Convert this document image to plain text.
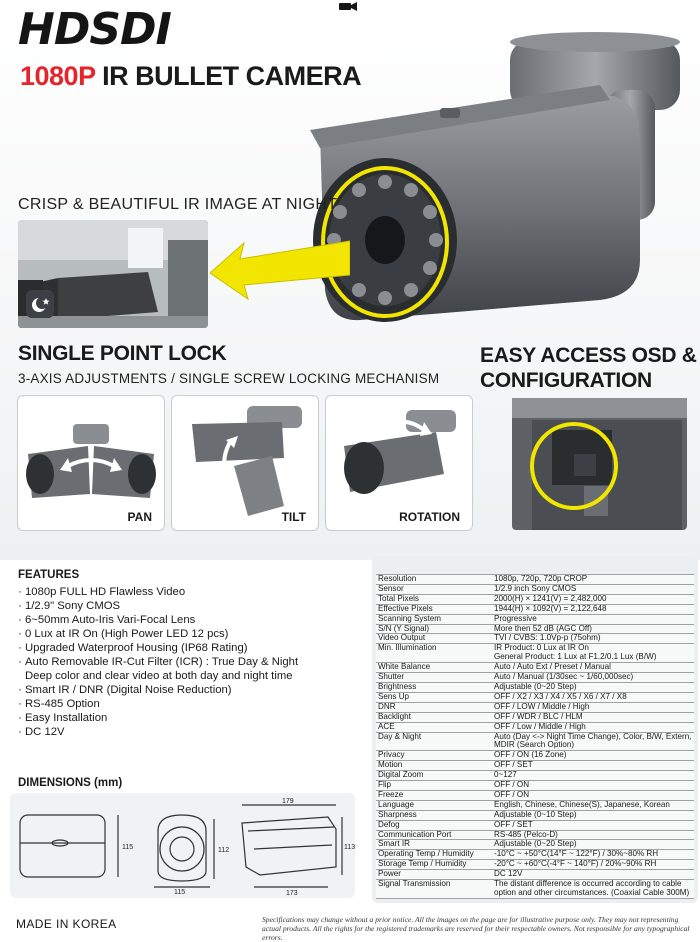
HDSDI
1080P IR BULLET CAMERA
CRISP & BEAUTIFUL IR IMAGE AT NIGHT
SINGLE POINT LOCK
3-AXIS ADJUSTMENTS / SINGLE SCREW LOCKING MECHANISM
PAN	TILT	ROTATION
EASY ACCESS OSD &
CONFIGURATION
FEATURES
· 1080p FULL HD Flawless Video
· 1/2.9" Sony CMOS
· 6~50mm Auto-Iris Vari-Focal Lens
· 0 Lux at IR On (High Power LED 12 pcs)
· Upgraded Waterproof Housing (IP68 Rating)
· Auto Removable IR-Cut Filter (ICR) : True Day & Night
Deep color and clear video at both day and night time
· Smart IR / DNR (Digital Noise Reduction)
· RS-485 Option
· Easy Installation
· DC 12V
DIMENSIONS (mm)
115
115
112
179
173
113
Resolution	1080p, 720p, 720p CROP
Sensor	1/2.9 inch Sony CMOS
Total Pixels	2000(H) × 1241(V) = 2,482,000
Effective Pixels	1944(H) × 1092(V) = 2,122,648
Scanning System	Progressive
S/N (Y Signal)	More then 52 dB (AGC Off)
Video Output	TVI / CVBS: 1.0Vp-p (75ohm)
Min. Illumination	IR Product: 0 Lux at IR On
General Product: 1 Lux at F1.2/0.1 Lux (B/W)
White Balance	Auto / Auto Ext / Preset / Manual
Shutter	Auto / Manual (1/30sec ~ 1/60,000sec)
Brightness	Adjustable (0~20 Step)
Sens Up	OFF / X2 / X3 / X4 / X5 / X6 / X7 / X8
DNR	OFF / LOW / Middle / High
Backlight	OFF / WDR / BLC / HLM
ACE	OFF / Low / Middle / High
Day & Night	Auto (Day <-> Night Time Change), Color, B/W, Extern, MDIR (Search Option)
Privacy	OFF / ON (16 Zone)
Motion	OFF / SET
Digital Zoom	0~127
Flip	OFF / ON
Freeze	OFF / ON
Language	English, Chinese, Chinese(S), Japanese, Korean
Sharpness	Adjustable (0~10 Step)
Defog	OFF / SET
Communication Port	RS-485 (Pelco-D)
Smart IR	Adjustable (0~20 Step)
Operating Temp / Humidity	-10°C ~ +50°C(14°F ~ 122°F) / 30%~80% RH
Storage Temp / Humidity	-20°C ~ +60°C(-4°F ~ 140°F) / 20%~90% RH
Power	DC 12V
Signal Transmission	The distant difference is occurred according to cable option and other circumstances. (Coaxial Cable 300M)
MADE IN KOREA	Specifications may change without a prior notice. All the images on the page are for illustrative purpose only. They may not representing actual products. All the rights for the registered trademarks are reserved for their respectable owners. Not responsible for any typographical errors.
